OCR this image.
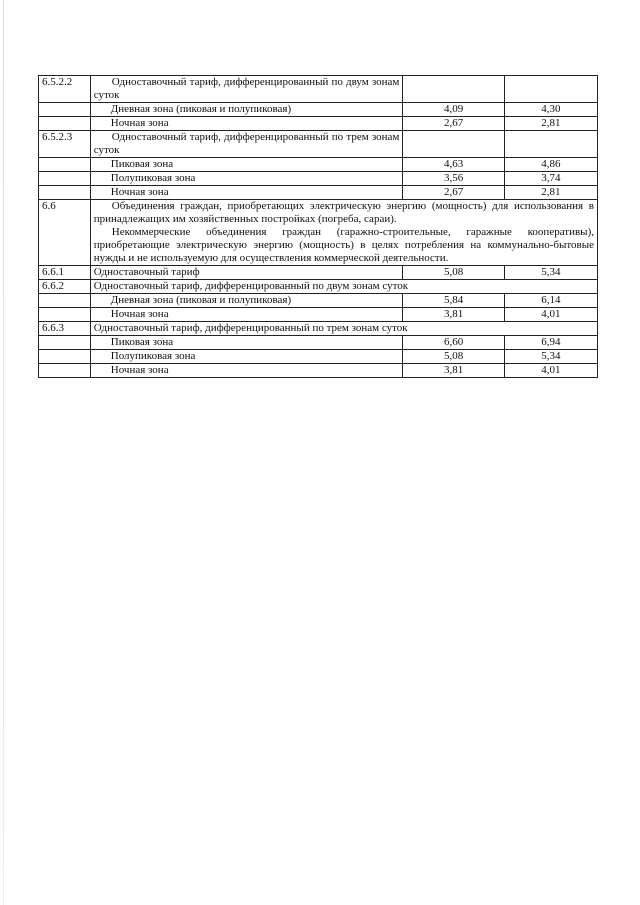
6.5.2.2	Одноставочный тариф, дифференцированный по двум зонам суток		
	Дневная зона (пиковая и полупиковая)	4,09	4,30
	Ночная зона	2,67	2,81
6.5.2.3	Одноставочный тариф, дифференцированный по трем зонам суток		
	Пиковая зона	4,63	4,86
	Полупиковая зона	3,56	3,74
	Ночная зона	2,67	2,81
6.6	Объединения граждан, приобретающих электрическую энергию (мощность) для использования в принадлежащих им хозяйственных постройках (погреба, сараи).

Некоммерческие объединения граждан (гаражно-строительные, гаражные кооперативы), приобретающие электрическую энергию (мощность) в целях потребления на коммунально-бытовые нужды и не используемую для осуществления коммерческой деятельности.		

6.6.1	Одноставочный тариф	5,08	5,34
6.6.2	Одноставочный тариф, дифференцированный по двум зонам суток		
	Дневная зона (пиковая и полупиковая)	5,84	6,14
	Ночная зона	3,81	4,01
6.6.3	Одноставочный тариф, дифференцированный по трем зонам суток		
	Пиковая зона	6,60	6,94
	Полупиковая зона	5,08	5,34
	Ночная зона	3,81	4,01
